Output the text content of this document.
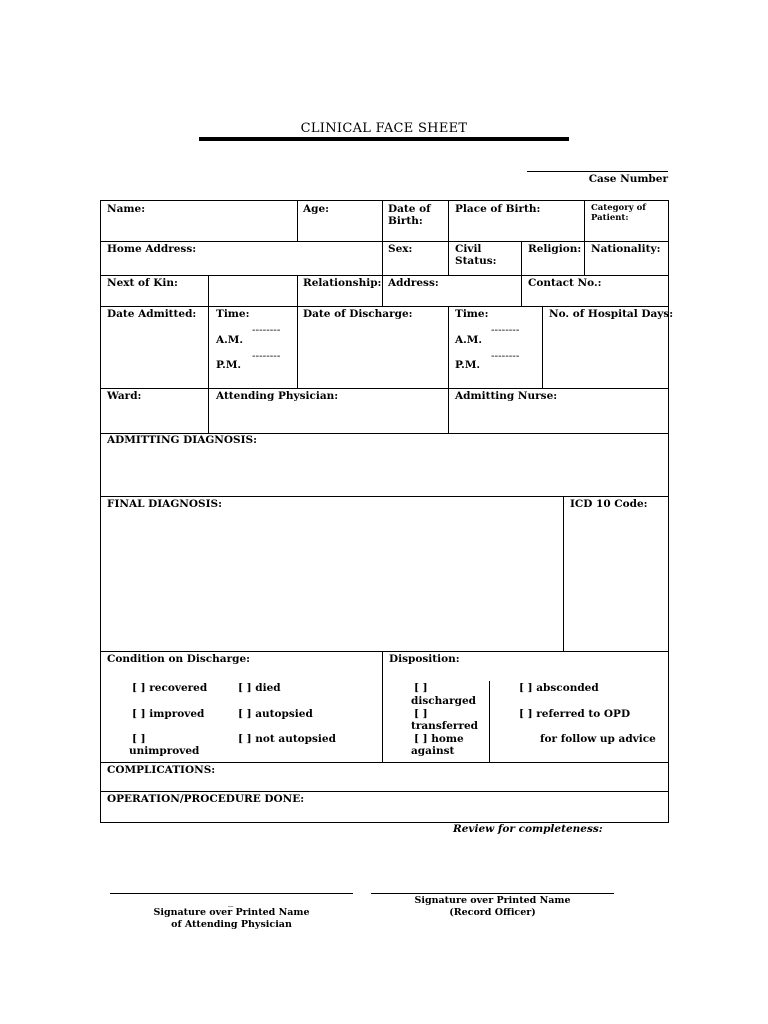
CLINICAL FACE SHEET
Case Number
Name:	Age:	Date of
Birth:
Place of Birth:	Category of
Patient:
Home Address:	Sex:	Civil
Status:
Religion: Nationality:
Next of Kin:	Relationship: Address:	Contact No.:
Date Admitted: Time:
--------
A.M.
--------
P.M.
Date of Discharge:	Time:
--------
A.M.
--------
P.M.
No. of Hospital Days:
Ward:	Attending Physician:	Admitting Nurse:
ADMITTING DIAGNOSIS:
FINAL DIAGNOSIS:	ICD 10 Code:
Condition on Discharge:
[ ] recovered
[ ] improved
[ ]
unimproved
[ ] died
[ ] autopsied
[ ] not autopsied
Disposition:
[ ]
discharged
[ ]
transferred
[ ] home
against
[ ] absconded
[ ] referred to OPD
for follow up advice
COMPLICATIONS:
OPERATION/PROCEDURE DONE:
Review for completeness:
_
Signature over Printed Name
of Attending Physician
Signature over Printed Name
(Record Officer)
